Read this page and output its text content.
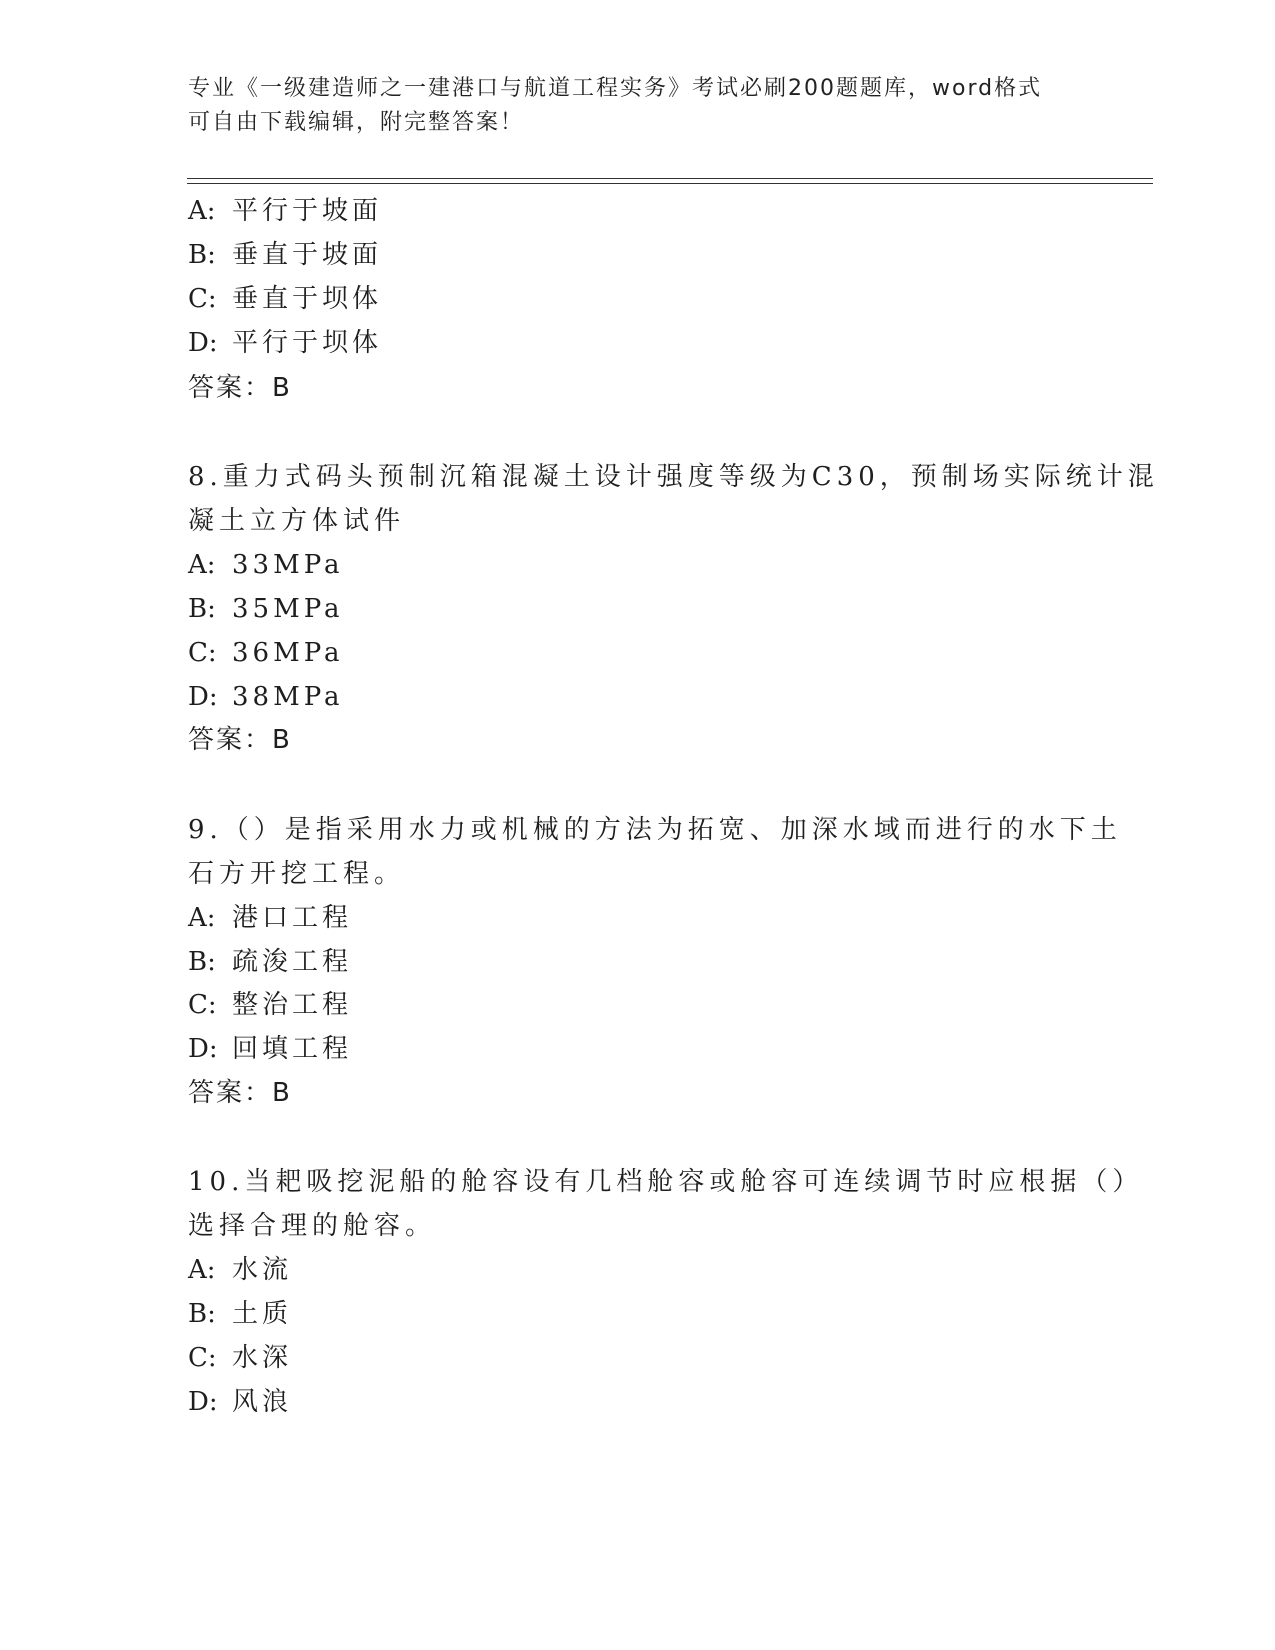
专业《一级建造师之一建港口与航道工程实务》考试必刷200题题库，word格式
可自由下载编辑，附完整答案！
A: 平行于坡面
B: 垂直于坡面
C: 垂直于坝体
D: 平行于坝体
答案：B
8.重力式码头预制沉箱混凝土设计强度等级为C30，预制场实际统计混
凝土立方体试件
A: 33MPa
B: 35MPa
C: 36MPa
D: 38MPa
答案：B
9.（）是指采用水力或机械的方法为拓宽、加深水域而进行的水下土
石方开挖工程。
A: 港口工程
B: 疏浚工程
C: 整治工程
D: 回填工程
答案：B
10.当耙吸挖泥船的舱容设有几档舱容或舱容可连续调节时应根据（）
选择合理的舱容。
A: 水流
B: 土质
C: 水深
D: 风浪
